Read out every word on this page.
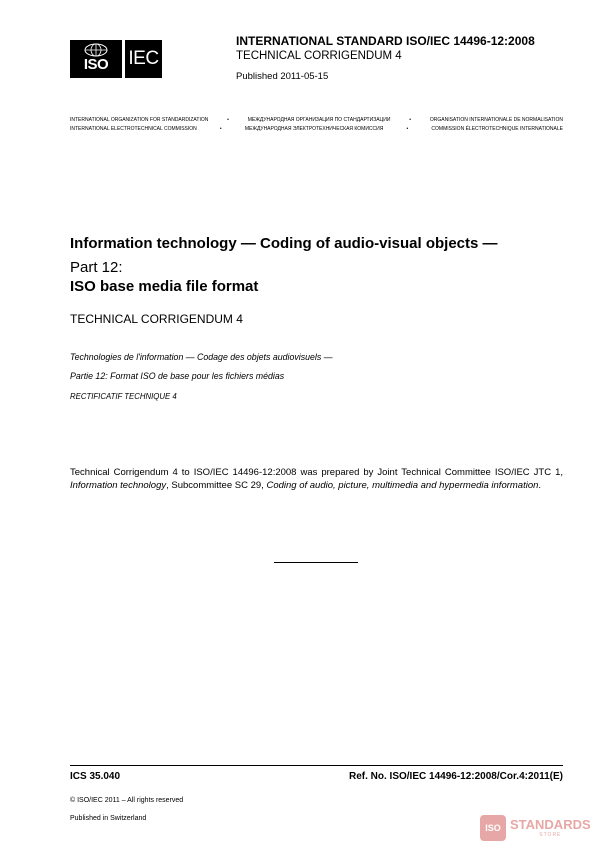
ISO IEC
INTERNATIONAL STANDARD ISO/IEC 14496-12:2008
TECHNICAL CORRIGENDUM 4
Published 2011-05-15
INTERNATIONAL ORGANIZATION FOR STANDARDIZATION	•	МЕЖДУНАРОДНАЯ ОРГАНИЗАЦИЯ ПО СТАНДАРТИЗАЦИИ	•	ORGANISATION INTERNATIONALE DE NORMALISATION
INTERNATIONAL ELECTROTECHNICAL COMMISSION	•	МЕЖДУНАРОДНАЯ ЭЛЕКТРОТЕХНИЧЕСКАЯ КОМИССИЯ	•	COMMISSION ÉLECTROTECHNIQUE INTERNATIONALE
Information technology — Coding of audio-visual objects —
Part 12:
ISO base media file format
TECHNICAL CORRIGENDUM 4
Technologies de l'information — Codage des objets audiovisuels —
Partie 12: Format ISO de base pour les fichiers médias
RECTIFICATIF TECHNIQUE 4
Technical Corrigendum 4 to ISO/IEC 14496-12:2008 was prepared by Joint Technical Committee ISO/IEC JTC 1, Information technology, Subcommittee SC 29, Coding of audio, picture, multimedia and hypermedia information.
ICS 35.040	Ref. No. ISO/IEC 14496-12:2008/Cor.4:2011(E)
© ISO/IEC 2011 – All rights reserved
Published in Switzerland
ISO STANDARDS
STORE
